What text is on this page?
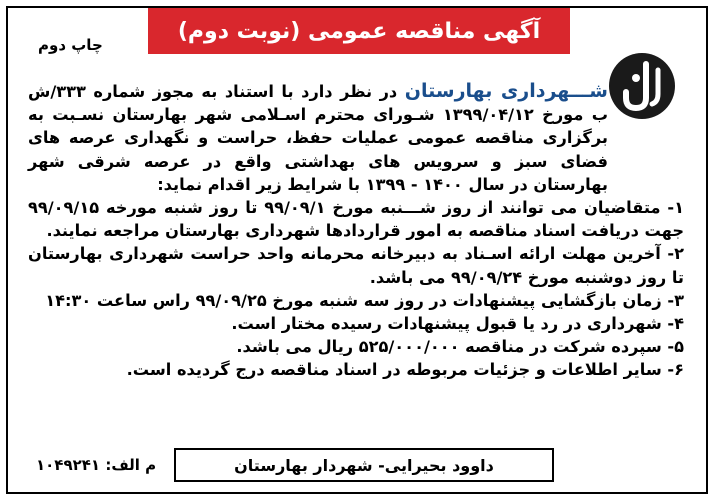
آگهی مناقصه عمومی (نوبت دوم)
چاپ دوم

شـــهرداری بهارستان در نظر دارد با استناد به مجوز شماره ۳۳۳/ش ب مورخ ۱۳۹۹/۰۴/۱۲ شـورای محترم اسـلامی شهر بهارستان نسـبت به برگزاری مناقصه عمومی عملیات حفظ، حراست و نگهداری عرصه های فضای سبز و سرویس های بهداشتی واقع در عرصه شرقی شهر بهارستان در سال ۱۴۰۰ - ۱۳۹۹ با شرایط زیر اقدام نماید:

۱- متقاضیان می توانند از روز شـــنبه مورخ ۹۹/۰۹/۱ تا روز شنبه مورخه ۹۹/۰۹/۱۵ جهت دریافت اسناد مناقصه به امور قراردادها شهرداری بهارستان مراجعه نمایند.

۲- آخرین مهلت ارائه اسـناد به دبیرخانه محرمانه واحد حراست شهرداری بهارستان تا روز دوشنبه مورخ ۹۹/۰۹/۲۴ می باشد.

۳- زمان بازگشایی پیشنهادات در روز سه شنبه مورخ ۹۹/۰۹/۲۵ راس ساعت ۱۴:۳۰

۴- شهرداری در رد یا قبول پیشنهادات رسیده مختار است.

۵- سپرده شرکت در مناقصه ۵۲۵/۰۰۰/۰۰۰ ریال می باشد.

۶- سایر اطلاعات و جزئیات مربوطه در اسناد مناقصه درج گردیده است.

داوود بحیرایی- شهردار بهارستان
م الف: ۱۰۴۹۲۴۱
